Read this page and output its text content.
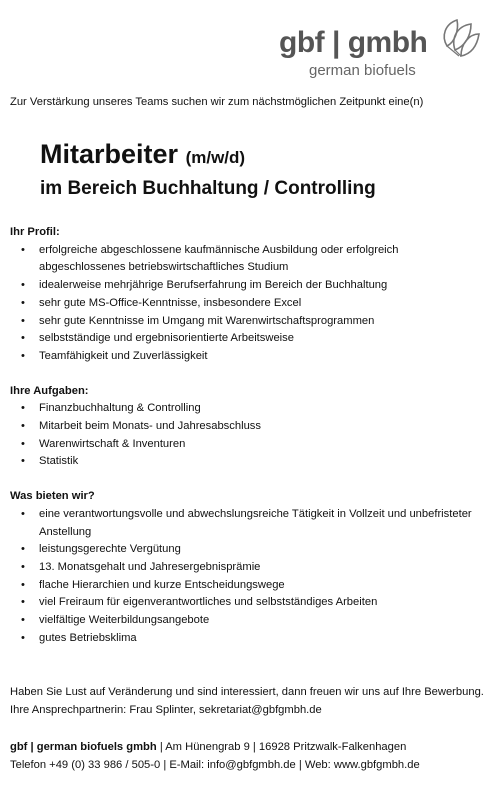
gbf | gmbh
german biofuels
Zur Verstärkung unseres Teams suchen wir zum nächstmöglichen Zeitpunkt eine(n)
Mitarbeiter (m/w/d)
im Bereich Buchhaltung / Controlling
Ihr Profil:
• erfolgreiche abgeschlossene kaufmännische Ausbildung oder erfolgreich abgeschlossenes betriebswirtschaftliches Studium
• idealerweise mehrjährige Berufserfahrung im Bereich der Buchhaltung
• sehr gute MS-Office-Kenntnisse, insbesondere Excel
• sehr gute Kenntnisse im Umgang mit Warenwirtschaftsprogrammen
• selbstständige und ergebnisorientierte Arbeitsweise
• Teamfähigkeit und Zuverlässigkeit
Ihre Aufgaben:
• Finanzbuchhaltung & Controlling
• Mitarbeit beim Monats- und Jahresabschluss
• Warenwirtschaft & Inventuren
• Statistik
Was bieten wir?
• eine verantwortungsvolle und abwechslungsreiche Tätigkeit in Vollzeit und unbefristeter Anstellung
• leistungsgerechte Vergütung
• 13. Monatsgehalt und Jahresergebnisprämie
• flache Hierarchien und kurze Entscheidungswege
• viel Freiraum für eigenverantwortliches und selbstständiges Arbeiten
• vielfältige Weiterbildungsangebote
• gutes Betriebsklima
Haben Sie Lust auf Veränderung und sind interessiert, dann freuen wir uns auf Ihre Bewerbung. Ihre Ansprechpartnerin: Frau Splinter, sekretariat@gbfgmbh.de
gbf | german biofuels gmbh | Am Hünengrab 9 | 16928 Pritzwalk-Falkenhagen
Telefon +49 (0) 33 986 / 505-0 | E-Mail: info@gbfgmbh.de | Web: www.gbfgmbh.de
